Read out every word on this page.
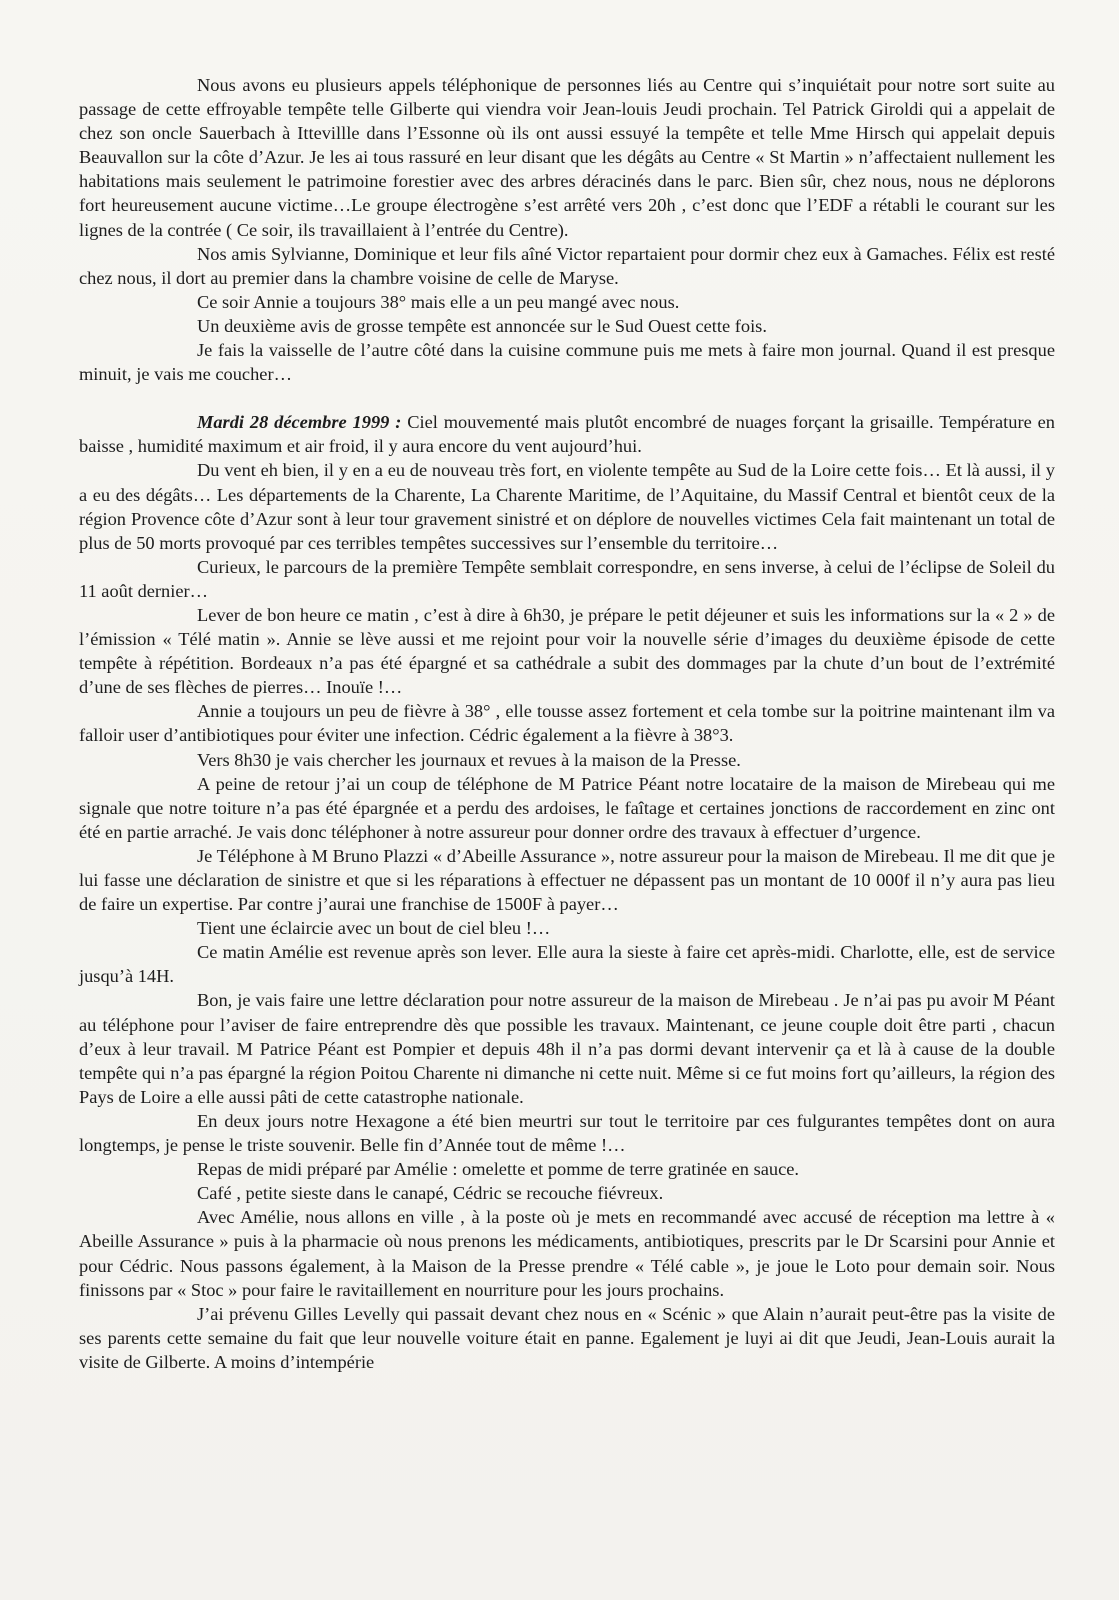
Nous avons eu plusieurs appels téléphonique de personnes liés au Centre qui s’inquiétait pour notre sort suite au passage de cette effroyable tempête telle Gilberte qui viendra voir Jean-louis Jeudi prochain. Tel Patrick Giroldi qui a appelait de chez son oncle Sauerbach à Ittevillle dans l’Essonne où ils ont aussi essuyé la tempête et telle Mme Hirsch qui appelait depuis Beauvallon sur la côte d’Azur. Je les ai tous rassuré en leur disant que les dégâts au Centre « St Martin » n’affectaient nullement les habitations mais seulement le patrimoine forestier avec des arbres déracinés dans le parc. Bien sûr, chez nous, nous ne déplorons fort heureusement aucune victime…Le groupe électrogène s’est arrêté vers 20h , c’est donc que l’EDF a rétabli le courant sur les lignes de la contrée ( Ce soir, ils travaillaient à l’entrée du Centre).

Nos amis Sylvianne, Dominique et leur fils aîné Victor repartaient pour dormir chez eux à Gamaches. Félix est resté chez nous, il dort au premier dans la chambre voisine de celle de Maryse.

Ce soir Annie a toujours 38° mais elle a un peu mangé avec nous.

Un deuxième avis de grosse tempête est annoncée sur le Sud Ouest cette fois.

Je fais la vaisselle de l’autre côté dans la cuisine commune puis me mets à faire mon journal. Quand il est presque minuit, je vais me coucher…

Mardi 28 décembre 1999 : Ciel mouvementé mais plutôt encombré de nuages forçant la grisaille. Température en baisse , humidité maximum et air froid, il y aura encore du vent aujourd’hui.

Du vent eh bien, il y en a eu de nouveau très fort, en violente tempête au Sud de la Loire cette fois… Et là aussi, il y a eu des dégâts… Les départements de la Charente, La Charente Maritime, de l’Aquitaine, du Massif Central et bientôt ceux de la région Provence côte d’Azur sont à leur tour gravement sinistré et on déplore de nouvelles victimes Cela fait maintenant un total de plus de 50 morts provoqué par ces terribles tempêtes successives sur l’ensemble du territoire…

Curieux, le parcours de la première Tempête semblait correspondre, en sens inverse, à celui de l’éclipse de Soleil du 11 août dernier…

Lever de bon heure ce matin , c’est à dire à 6h30, je prépare le petit déjeuner et suis les informations sur la « 2 » de l’émission « Télé matin ». Annie se lève aussi et me rejoint pour voir la nouvelle série d’images du deuxième épisode de cette tempête à répétition. Bordeaux n’a pas été épargné et sa cathédrale a subit des dommages par la chute d’un bout de l’extrémité d’une de ses flèches de pierres… Inouïe !…

Annie a toujours un peu de fièvre à 38° , elle tousse assez fortement et cela tombe sur la poitrine maintenant ilm va falloir user d’antibiotiques pour éviter une infection. Cédric également a la fièvre à 38°3.

Vers 8h30 je vais chercher les journaux et revues à la maison de la Presse.

A peine de retour j’ai un coup de téléphone de M Patrice Péant notre locataire de la maison de Mirebeau qui me signale que notre toiture n’a pas été épargnée et a perdu des ardoises, le faîtage et certaines jonctions de raccordement en zinc ont été en partie arraché. Je vais donc téléphoner à notre assureur pour donner ordre des travaux à effectuer d’urgence.

Je Téléphone à M Bruno Plazzi « d’Abeille Assurance », notre assureur pour la maison de Mirebeau. Il me dit que je lui fasse une déclaration de sinistre et que si les réparations à effectuer ne dépassent pas un montant de 10 000f il n’y aura pas lieu de faire un expertise. Par contre j’aurai une franchise de 1500F à payer…

Tient une éclaircie avec un bout de ciel bleu !…

Ce matin Amélie est revenue après son lever. Elle aura la sieste à faire cet après-midi. Charlotte, elle, est de service jusqu’à 14H.

Bon, je vais faire une lettre déclaration pour notre assureur de la maison de Mirebeau . Je n’ai pas pu avoir M Péant au téléphone pour l’aviser de faire entreprendre dès que possible les travaux. Maintenant, ce jeune couple doit être parti , chacun d’eux à leur travail. M Patrice Péant est Pompier et depuis 48h il n’a pas dormi devant intervenir ça et là à cause de la double tempête qui n’a pas épargné la région Poitou Charente ni dimanche ni cette nuit. Même si ce fut moins fort qu’ailleurs, la région des Pays de Loire a elle aussi pâti de cette catastrophe nationale.

En deux jours notre Hexagone a été bien meurtri sur tout le territoire par ces fulgurantes tempêtes dont on aura longtemps, je pense le triste souvenir. Belle fin d’Année tout de même !…

Repas de midi préparé par Amélie : omelette et pomme de terre gratinée en sauce.

Café , petite sieste dans le canapé, Cédric se recouche fiévreux.

Avec Amélie, nous allons en ville , à la poste où je mets en recommandé avec accusé de réception ma lettre à « Abeille Assurance » puis à la pharmacie où nous prenons les médicaments, antibiotiques, prescrits par le Dr Scarsini pour Annie et pour Cédric. Nous passons également, à la Maison de la Presse prendre « Télé cable », je joue le Loto pour demain soir. Nous finissons par « Stoc » pour faire le ravitaillement en nourriture pour les jours prochains.

J’ai prévenu Gilles Levelly qui passait devant chez nous en « Scénic » que Alain n’aurait peut-être pas la visite de ses parents cette semaine du fait que leur nouvelle voiture était en panne. Egalement je luyi ai dit que Jeudi, Jean-Louis aurait la visite de Gilberte. A moins d’intempérie
